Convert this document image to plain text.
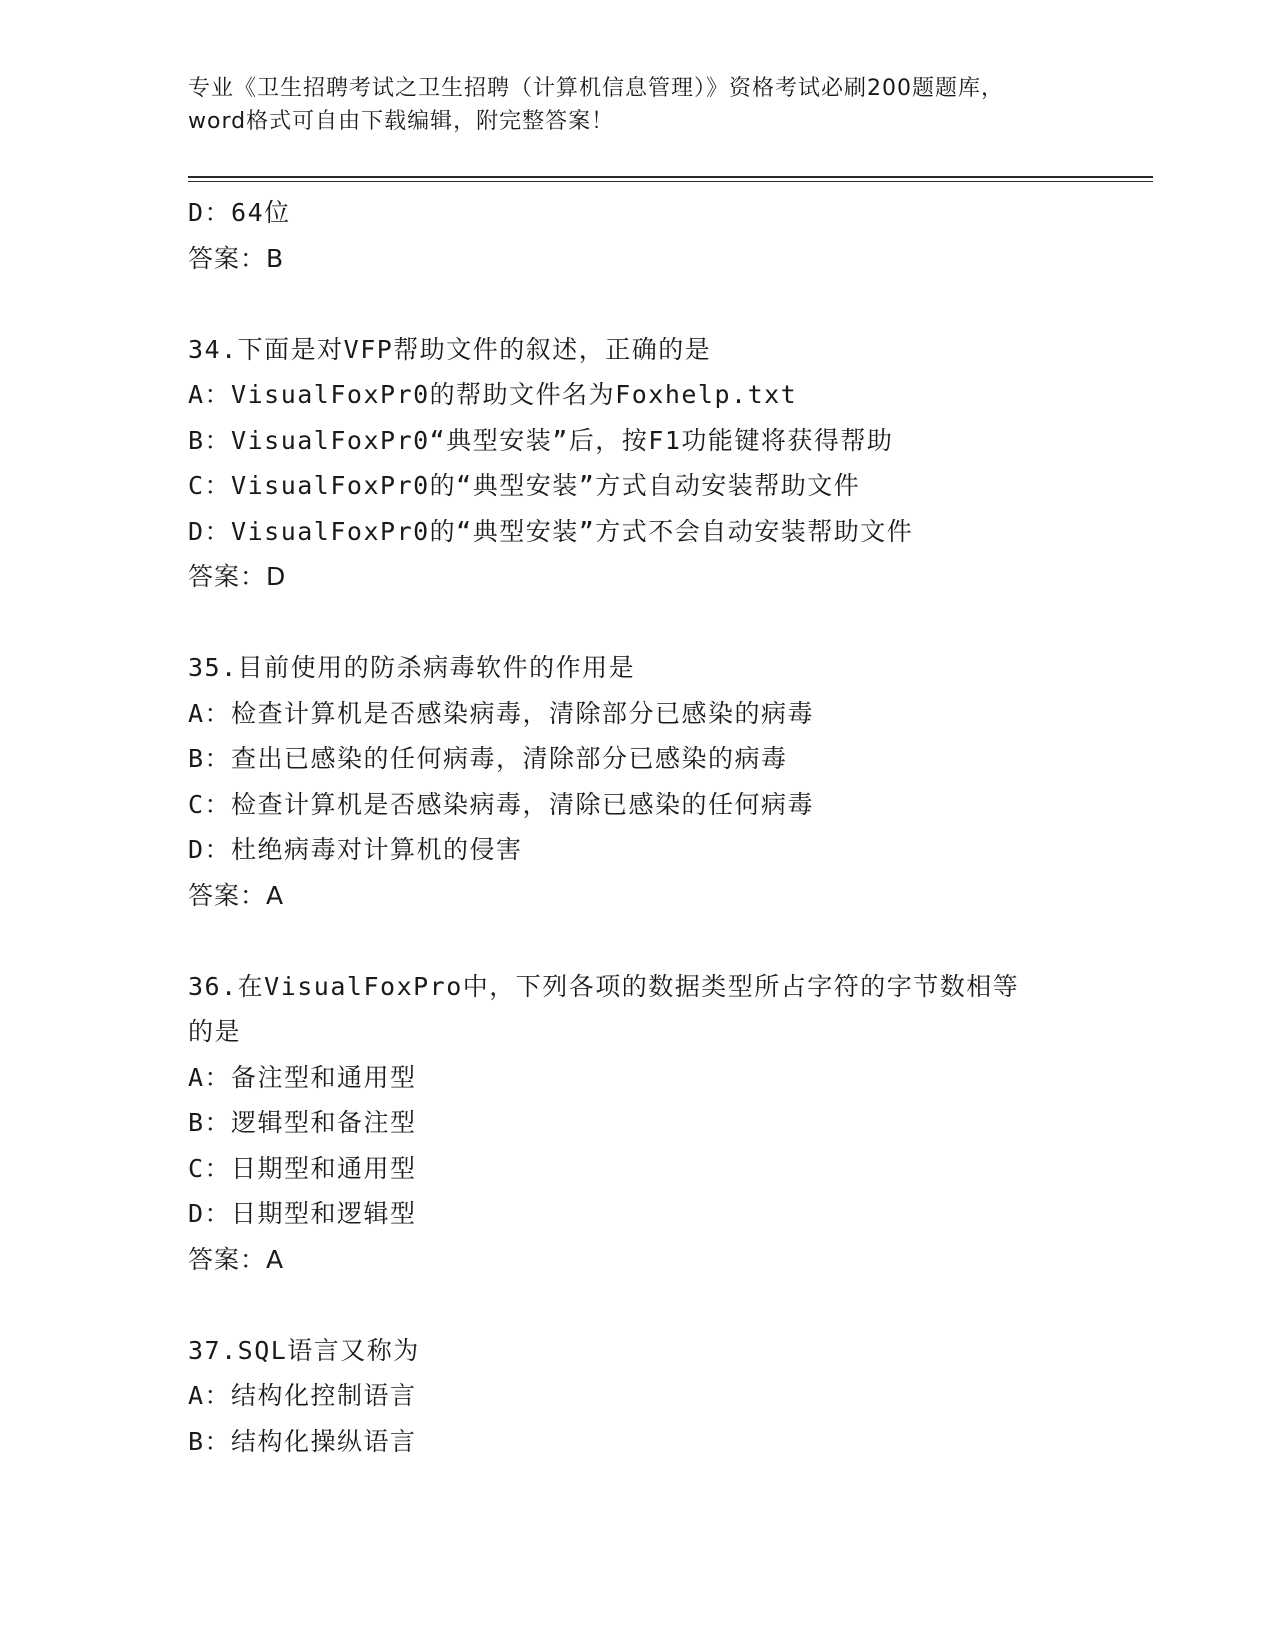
专业《卫生招聘考试之卫生招聘（计算机信息管理）》资格考试必刷200题题库，
word格式可自由下载编辑，附完整答案！
D：64位
答案：B
34.下面是对VFP帮助文件的叙述，正确的是
A：VisualFoxPr0的帮助文件名为Foxhelp.txt
B：VisualFoxPr0“典型安装”后，按F1功能键将获得帮助
C：VisualFoxPr0的“典型安装”方式自动安装帮助文件
D：VisualFoxPr0的“典型安装”方式不会自动安装帮助文件
答案：D
35.目前使用的防杀病毒软件的作用是
A：检查计算机是否感染病毒，清除部分已感染的病毒
B：查出已感染的任何病毒，清除部分已感染的病毒
C：检查计算机是否感染病毒，清除已感染的任何病毒
D：杜绝病毒对计算机的侵害
答案：A
36.在VisualFoxPro中，下列各项的数据类型所占字符的字节数相等
的是
A：备注型和通用型
B：逻辑型和备注型
C：日期型和通用型
D：日期型和逻辑型
答案：A
37.SQL语言又称为
A：结构化控制语言
B：结构化操纵语言
